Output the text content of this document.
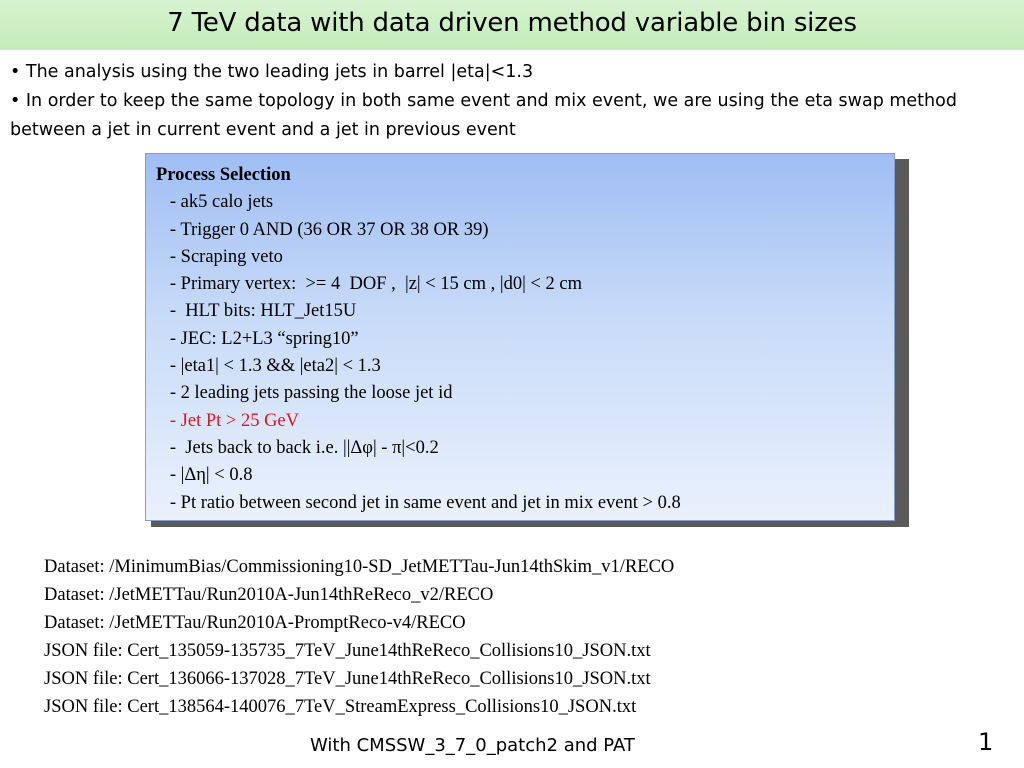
7 TeV data with data driven method variable bin sizes

• The analysis using the two leading jets in barrel |eta|<1.3

• In order to keep the same topology in both same event and mix event, we are using the eta swap method between a jet in current event and a jet in previous event

Process Selection
- ak5 calo jets
- Trigger 0 AND (36 OR 37 OR 38 OR 39)
- Scraping veto
- Primary vertex:  >= 4  DOF ,  |z| < 15 cm , |d0| < 2 cm
-  HLT bits: HLT_Jet15U
- JEC: L2+L3 “spring10”
- |eta1| < 1.3 && |eta2| < 1.3
- 2 leading jets passing the loose jet id
- Jet Pt > 25 GeV
-  Jets back to back i.e. ||Δφ| - π|<0.2
- |Δη| < 0.8
- Pt ratio between second jet in same event and jet in mix event > 0.8
Dataset: /MinimumBias/Commissioning10-SD_JetMETTau-Jun14thSkim_v1/RECO
Dataset: /JetMETTau/Run2010A-Jun14thReReco_v2/RECO
Dataset: /JetMETTau/Run2010A-PromptReco-v4/RECO
JSON file: Cert_135059-135735_7TeV_June14thReReco_Collisions10_JSON.txt
JSON file: Cert_136066-137028_7TeV_June14thReReco_Collisions10_JSON.txt
JSON file: Cert_138564-140076_7TeV_StreamExpress_Collisions10_JSON.txt
With CMSSW_3_7_0_patch2 and PAT	1
